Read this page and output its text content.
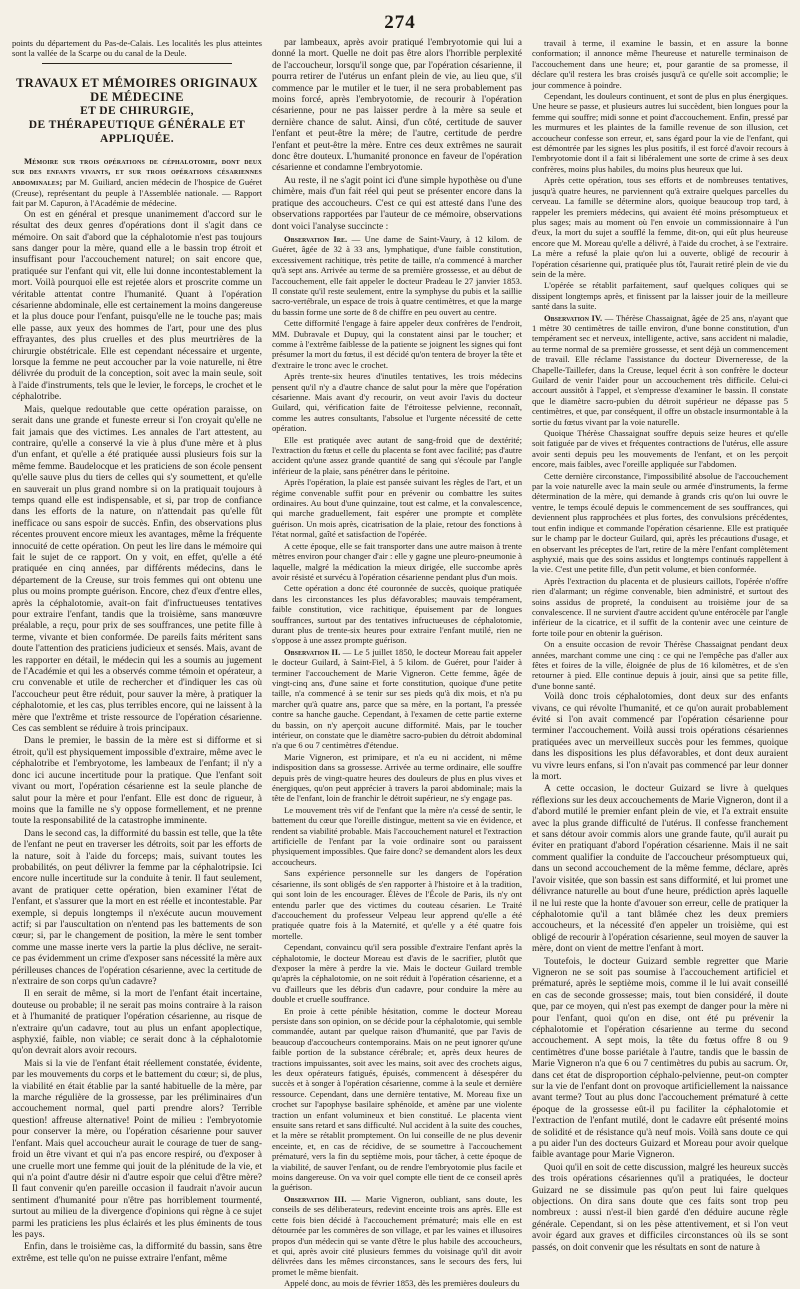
274

points du département du Pas-de-Calais. Les localités les plus atteintes sont la vallée de la Scarpe ou du canal de la Deule.

TRAVAUX ET MÉMOIRES ORIGINAUX DE MÉDECINE
ET DE CHIRURGIE,
DE THÉRAPEUTIQUE GÉNÉRALE ET APPLIQUÉE.

Mémoire sur trois opérations de céphalotomie, dont deux sur des enfants vivants, et sur trois opérations césariennes abdominales; par M. Guiliard, ancien médecin de l'hospice de Guéret (Creuse), représentant du peuple à l'Assemblée nationale. — Rapport fait par M. Capuron, à l'Académie de médecine.

On est en général et presque unanimement d'accord sur le résultat des deux genres d'opérations dont il s'agit dans ce mémoire. On sait d'abord que la céphalotomie n'est pas toujours sans danger pour la mère, quand elle a le bassin trop étroit et insuffisant pour l'accouchement naturel; on sait encore que, pratiquée sur l'enfant qui vit, elle lui donne incontestablement la mort. Voilà pourquoi elle est rejetée alors et proscrite comme un véritable attentat contre l'humanité. Quant à l'opération césarienne abdominale, elle est certainement la moins dangereuse et la plus douce pour l'enfant, puisqu'elle ne le touche pas; mais elle passe, aux yeux des hommes de l'art, pour une des plus effrayantes, des plus cruelles et des plus meurtrières de la chirurgie obstétricale. Elle est cependant nécessaire et urgente, lorsque la femme ne peut accoucher par la voie naturelle, ni être délivrée du produit de la conception, soit avec la main seule, soit à l'aide d'instruments, tels que le levier, le forceps, le crochet et le céphalotribe.

Mais, quelque redoutable que cette opération paraisse, on serait dans une grande et funeste erreur si l'on croyait qu'elle ne fait jamais que des victimes. Les annales de l'art attestent, au contraire, qu'elle a conservé la vie à plus d'une mère et à plus d'un enfant, et qu'elle a été pratiquée aussi plusieurs fois sur la même femme. Baudelocque et les praticiens de son école pensent qu'elle sauve plus du tiers de celles qui s'y soumettent, et qu'elle en sauverait un plus grand nombre si on la pratiquait toujours à temps quand elle est indispensable, et si, par trop de confiance dans les efforts de la nature, on n'attendait pas qu'elle fût inefficace ou sans espoir de succès. Enfin, des observations plus récentes prouvent encore mieux les avantages, même la fréquente innocuité de cette opération. On peut les lire dans le mémoire qui fait le sujet de ce rapport. On y voit, en effet, qu'elle a été pratiquée en cinq années, par différents médecins, dans le département de la Creuse, sur trois femmes qui ont obtenu une plus ou moins prompte guérison. Encore, chez d'eux d'entre elles, après la céphalotomie, avait-on fait d'infructueuses tentatives pour extraire l'enfant, tandis que la troisième, sans manœuvre préalable, a reçu, pour prix de ses souffrances, une petite fille à terme, vivante et bien conformée. De pareils faits méritent sans doute l'attention des praticiens judicieux et sensés. Mais, avant de les rapporter en détail, le médecin qui les a soumis au jugement de l'Académie et qui les a observés comme témoin et opérateur, a cru convenable et utile de rechercher et d'indiquer les cas où l'accoucheur peut être réduit, pour sauver la mère, à pratiquer la céphalotomie, et les cas, plus terribles encore, qui ne laissent à la mère que l'extrême et triste ressource de l'opération césarienne. Ces cas semblent se réduire à trois principaux.

Dans le premier, le bassin de la mère est si difforme et si étroit, qu'il est physiquement impossible d'extraire, même avec le céphalotribe et l'embryotome, les lambeaux de l'enfant; il n'y a donc ici aucune incertitude pour la pratique. Que l'enfant soit vivant ou mort, l'opération césarienne est la seule planche de salut pour la mère et pour l'enfant. Elle est donc de rigueur, à moins que la famille ne s'y oppose formellement, et ne prenne toute la responsabilité de la catastrophe imminente.

Dans le second cas, la difformité du bassin est telle, que la tête de l'enfant ne peut en traverser les détroits, soit par les efforts de la nature, soit à l'aide du forceps; mais, suivant toutes les probabilités, on peut délivrer la femme par la céphalotripsie. Ici encore nulle incertitude sur la conduite à tenir. Il faut seulement, avant de pratiquer cette opération, bien examiner l'état de l'enfant, et s'assurer que la mort en est réelle et incontestable. Par exemple, si depuis longtemps il n'exécute aucun mouvement actif; si par l'auscultation on n'entend pas les battements de son cœur; si, par le changement de position, la mère le sent tomber comme une masse inerte vers la partie la plus déclive, ne serait-ce pas évidemment un crime d'exposer sans nécessité la mère aux périlleuses chances de l'opération césarienne, avec la certitude de n'extraire de son corps qu'un cadavre?

Il en serait de même, si la mort de l'enfant était incertaine, douteuse ou probable; il ne serait pas moins contraire à la raison et à l'humanité de pratiquer l'opération césarienne, au risque de n'extraire qu'un cadavre, tout au plus un enfant apoplectique, asphyxié, faible, non viable; ce serait donc à la céphalotomie qu'on devrait alors avoir recours.

Mais si la vie de l'enfant était réellement constatée, évidente, par les mouvements du corps et le battement du cœur; si, de plus, la viabilité en était établie par la santé habituelle de la mère, par la marche régulière de la grossesse, par les préliminaires d'un accouchement normal, quel parti prendre alors? Terrible question! affreuse alternative! Point de milieu : l'embryotomie pour conserver la mère, ou l'opération césarienne pour sauver l'enfant. Mais quel accoucheur aurait le courage de tuer de sang-froid un être vivant et qui n'a pas encore respiré, ou d'exposer à une cruelle mort une femme qui jouit de la plénitude de la vie, et qui n'a point d'autre désir ni d'autre espoir que celui d'être mère? Il faut convenir qu'en pareille occasion il faudrait n'avoir aucun sentiment d'humanité pour n'être pas horriblement tourmenté, surtout au milieu de la divergence d'opinions qui règne à ce sujet parmi les praticiens les plus éclairés et les plus éminents de tous les pays.

Enfin, dans le troisième cas, la difformité du bassin, sans être extrême, est telle qu'on ne puisse extraire l'enfant, même

par lambeaux, après avoir pratiqué l'embryotomie qui lui a donné la mort. Quelle ne doit pas être alors l'horrible perplexité de l'accoucheur, lorsqu'il songe que, par l'opération césarienne, il pourra retirer de l'utérus un enfant plein de vie, au lieu que, s'il commence par le mutiler et le tuer, il ne sera probablement pas moins forcé, après l'embryotomie, de recourir à l'opération césarienne, pour ne pas laisser perdre à la mère sa seule et dernière chance de salut. Ainsi, d'un côté, certitude de sauver l'enfant et peut-être la mère; de l'autre, certitude de perdre l'enfant et peut-être la mère. Entre ces deux extrêmes ne saurait donc être douteux. L'humanité prononce en faveur de l'opération césarienne et condamne l'embryotomie.

Au reste, il ne s'agit point ici d'une simple hypothèse ou d'une chimère, mais d'un fait réel qui peut se présenter encore dans la pratique des accoucheurs. C'est ce qui est attesté dans l'une des observations rapportées par l'auteur de ce mémoire, observations dont voici l'analyse succincte :

Observation Ire. — Une dame de Saint-Vaury, à 12 kilom. de Guéret, âgée de 32 à 33 ans, lymphatique, d'une faible constitution, excessivement rachitique, très petite de taille, n'a commencé à marcher qu'à sept ans. Arrivée au terme de sa première grossesse, et au début de l'accouchement, elle fait appeler le docteur Pradeau le 27 janvier 1853. Il constate qu'il reste seulement, entre la symphyse du pubis et la saillie sacro-vertébrale, un espace de trois à quatre centimètres, et que la marge du bassin forme une sorte de 8 de chiffre en peu ouvert au centre.

Cette difformité l'engage à faire appeler deux confrères de l'endroit, MM. Dubravale et Dupuy, qui la constatent ainsi par le toucher; et comme à l'extrême faiblesse de la patiente se joignent les signes qui font présumer la mort du fœtus, il est décidé qu'on tentera de broyer la tête et d'extraire le tronc avec le crochet.

Après trente-six heures d'inutiles tentatives, les trois médecins pensent qu'il n'y a d'autre chance de salut pour la mère que l'opération césarienne. Mais avant d'y recourir, on veut avoir l'avis du docteur Guilard, qui, vérification faite de l'étroitesse pelvienne, reconnaît, comme les autres consultants, l'absolue et l'urgente nécessité de cette opération.

Elle est pratiquée avec autant de sang-froid que de dextérité; l'extraction du fœtus et celle du placenta se font avec facilité; pas d'autre accident qu'une assez grande quantité de sang qui s'écoule par l'angle inférieur de la plaie, sans pénétrer dans le péritoine.

Après l'opération, la plaie est pansée suivant les règles de l'art, et un régime convenable suffit pour en prévenir ou combattre les suites ordinaires. Au bout d'une quinzaine, tout est calme, et la convalescence, qui marche graduellement, fait espérer une prompte et complète guérison. Un mois après, cicatrisation de la plaie, retour des fonctions à l'état normal, gaîté et satisfaction de l'opérée.

A cette époque, elle se fait transporter dans une autre maison à trente mètres environ pour changer d'air : elle y gagne une pleuro-pneumonie à laquelle, malgré la médication la mieux dirigée, elle succombe après avoir résisté et survécu à l'opération césarienne pendant plus d'un mois.

Cette opération a donc été couronnée de succès, quoique pratiquée dans les circonstances les plus défavorables; mauvais tempérament, faible constitution, vice rachitique, épuisement par de longues souffrances, surtout par des tentatives infructueuses de céphalotomie, durant plus de trente-six heures pour extraire l'enfant mutilé, rien ne s'oppose à une assez prompte guérison.

Observation II. — Le 5 juillet 1850, le docteur Moreau fait appeler le docteur Guilard, à Saint-Fiel, à 5 kilom. de Guéret, pour l'aider à terminer l'accouchement de Marie Vigneron. Cette femme, âgée de vingt-cinq ans, d'une saine et forte constitution, quoique d'une petite taille, n'a commencé à se tenir sur ses pieds qu'à dix mois, et n'a pu marcher qu'à quatre ans, parce que sa mère, en la portant, l'a pressée contre sa hanche gauche. Cependant, à l'examen de cette partie externe du bassin, on n'y aperçoit aucune difformité. Mais, par le toucher intérieur, on constate que le diamètre sacro-pubien du détroit abdominal n'a que 6 ou 7 centimètres d'étendue.

Marie Vigneron, est primipare, et n'a eu ni accident, ni même indisposition dans sa grossesse. Arrivée au terme ordinaire, elle souffre depuis près de vingt-quatre heures des douleurs de plus en plus vives et énergiques, qu'on peut apprécier à travers la paroi abdominale; mais la tête de l'enfant, loin de franchir le détroit supérieur, ne s'y engage pas.

Le mouvement très vif de l'enfant que la mère n'a cessé de sentir, le battement du cœur que l'oreille distingue, mettent sa vie en évidence, et rendent sa viabilité probable. Mais l'accouchement naturel et l'extraction artificielle de l'enfant par la voie ordinaire sont ou paraissent physiquement impossibles. Que faire donc? se demandent alors les deux accoucheurs.

Sans expérience personnelle sur les dangers de l'opération césarienne, ils sont obligés de s'en rapporter à l'histoire et à la tradition, qui sont loin de les encourager. Élèves de l'École de Paris, ils n'y ont entendu parler que des victimes du couteau césarien. Le Traité d'accouchement du professeur Velpeau leur apprend qu'elle a été pratiquée quatre fois à la Maternité, et qu'elle y a été quatre fois mortelle.

Cependant, convaincu qu'il sera possible d'extraire l'enfant après la céphalotomie, le docteur Moreau est d'avis de le sacrifier, plutôt que d'exposer la mère à perdre la vie. Mais le docteur Guilard tremble qu'après la céphalotomie, on ne soit réduit à l'opération césarienne, et a vu d'ailleurs que les débris d'un cadavre, pour conduire la mère au double et cruelle souffrance.

En proie à cette pénible hésitation, comme le docteur Moreau persiste dans son opinion, on se décide pour la céphalotomie, qui semble commandée, autant par quelque raison d'humanité, que par l'avis de beaucoup d'accoucheurs contemporains. Mais on ne peut ignorer qu'une faible portion de la substance cérébrale; et, après deux heures de tractions impuissantes, soit avec les mains, soit avec des crochets aigus, les deux opérateurs fatigués, épuisés, commencent à désespérer du succès et à songer à l'opération césarienne, comme à la seule et dernière ressource. Cependant, dans une dernière tentative, M. Moreau fixe un crochet sur l'apophyse basilaire sphénoïde, et amène par une violente traction un enfant volumineux et bien constitué. Le placenta vient ensuite sans retard et sans difficulté. Nul accident à la suite des couches, et la mère se rétablit promptement. On lui conseille de ne plus devenir enceinte, et, en cas de récidive, de se soumettre à l'accouchement prématuré, vers la fin du septième mois, pour tâcher, à cette époque de la viabilité, de sauver l'enfant, ou de rendre l'embryotomie plus facile et moins dangereuse. On va voir quel compte elle tient de ce conseil après la guérison.

Observation III. — Marie Vigneron, oubliant, sans doute, les conseils de ses déliberateurs, redevint enceinte trois ans après. Elle est cette fois bien décidé à l'accouchement prématuré; mais elle en est détournée par les commères de son village, et par les vaines et illusoires propos d'un médecin qui se vante d'être le plus habile des accoucheurs, et qui, après avoir cité plusieurs femmes du voisinage qu'il dit avoir délivrées dans les mêmes circonstances, sans le secours des fers, lui promet le même bienfait.

Appelé donc, au mois de février 1853, dès les premières douleurs du

travail à terme, il examine le bassin, et en assure la bonne conformation; il annonce même l'heureuse et naturelle terminaison de l'accouchement dans une heure; et, pour garantie de sa promesse, il déclare qu'il restera les bras croisés jusqu'à ce qu'elle soit accomplie; le jour commence à poindre.

Cependant, les douleurs continuent, et sont de plus en plus énergiques. Une heure se passe, et plusieurs autres lui succèdent, bien longues pour la femme qui souffre; midi sonne et point d'accouchement. Enfin, pressé par les murmures et les plaintes de la famille revenue de son illusion, cet accoucheur confesse son erreur, et, sans égard pour la vie de l'enfant, qui est démontrée par les signes les plus positifs, il est forcé d'avoir recours à l'embryotomie dont il a fait si libéralement une sorte de crime à ses deux confrères, moins plus habiles, du moins plus heureux que lui.

Après cette opération, tous ses efforts et de nombreuses tentatives, jusqu'à quatre heures, ne parviennent qu'à extraire quelques parcelles du cerveau. La famille se détermine alors, quoique beaucoup trop tard, à rappeler les premiers médecins, qui avaient été moins présomptueux et plus sages; mais au moment où l'en envoie un commissionnaire à l'un d'eux, la mort du sujet a soufflé la femme, dit-on, qui eût plus heureuse encore que M. Moreau qu'elle a délivré, à l'aide du crochet, à se l'extraire. La mère a refusé la plaie qu'on lui a ouverte, obligé de recourir à l'opération césarienne qui, pratiquée plus tôt, l'aurait retiré plein de vie du sein de la mère.

L'opérée se rétablit parfaitement, sauf quelques coliques qui se dissipent longtemps après, et finissent par la laisser jouir de la meilleure santé dans la suite.

Observation IV. — Thérèse Chassaignat, âgée de 25 ans, n'ayant que 1 mètre 30 centimètres de taille environ, d'une bonne constitution, d'un tempérament sec et nerveux, intelligente, active, sans accident ni maladie, au terme normal de sa première grossesse, et sent déjà un commencement de travail. Elle réclame l'assistance du docteur Diverneresse, de la Chapelle-Taillefer, dans la Creuse, lequel écrit à son confrère le docteur Guilard de venir l'aider pour un accouchement très difficile. Celui-ci accourt aussitôt à l'appel, et s'empresse d'examiner le bassin. Il constate que le diamètre sacro-pubien du détroit supérieur ne dépasse pas 5 centimètres, et que, par conséquent, il offre un obstacle insurmontable à la sortie du fœtus vivant par la voie naturelle.

Quoique Thérèse Chassaignat souffre depuis seize heures et qu'elle soit fatiguée par de vives et fréquentes contractions de l'utérus, elle assure avoir senti depuis peu les mouvements de l'enfant, et on les perçoit encore, mais faibles, avec l'oreille appliquée sur l'abdomen.

Cette dernière circonstance, l'impossibilité absolue de l'accouchement par la voie naturelle avec la main seule ou armée d'instruments, la ferme détermination de la mère, qui demande à grands cris qu'on lui ouvre le ventre, le temps écoulé depuis le commencement de ses souffrances, qui deviennent plus rapprochées et plus fortes, des convulsions précédentes, tout enfin indique et commande l'opération césarienne. Elle est pratiquée sur le champ par le docteur Guilard, qui, après les précautions d'usage, et en observant les préceptes de l'art, retire de la mère l'enfant complètement asphyxié, mais que des soins assidus et longtemps continués rappellent à la vie. C'est une petite fille, d'un petit volume, et bien conformée.

Après l'extraction du placenta et de plusieurs caillots, l'opérée n'offre rien d'alarmant; un régime convenable, bien administré, et surtout des soins assidus de propreté, la conduisent au troisième jour de sa convalescence. Il ne survient d'autre accident qu'une entérocèle par l'angle inférieur de la cicatrice, et il suffit de la contenir avec une ceinture de forte toile pour en obtenir la guérison.

On a ensuite occasion de revoir Thérèse Chassaignat pendant deux années, marchant comme une cinq : ce qui ne l'empêche pas d'aller aux fêtes et foires de la ville, éloignée de plus de 16 kilomètres, et de s'en retourner à pied. Elle continue depuis à jouir, ainsi que sa petite fille, d'une bonne santé.

Voilà donc trois céphalotomies, dont deux sur des enfants vivans, ce qui révolte l'humanité, et ce qu'on aurait probablement évité si l'on avait commencé par l'opération césarienne pour terminer l'accouchement. Voilà aussi trois opérations césariennes pratiquées avec un merveilleux succès pour les femmes, quoique dans les dispositions les plus défavorables, et dont deux auraient vu vivre leurs enfans, si l'on n'avait pas commencé par leur donner la mort.

A cette occasion, le docteur Guizard se livre à quelques réflexions sur les deux accouchements de Marie Vigneron, dont il a d'abord mutilé le premier enfant plein de vie, et l'a extrait ensuite avec la plus grande difficulté de l'utérus. Il confesse franchement et sans détour avoir commis alors une grande faute, qu'il aurait pu éviter en pratiquant d'abord l'opération césarienne. Mais il ne sait comment qualifier la conduite de l'accoucheur présomptueux qui, dans un second accouchement de la même femme, déclare, après l'avoir visitée, que son bassin est sans difformité, et lui promet une délivrance naturelle au bout d'une heure, prédiction après laquelle il ne lui reste que la honte d'avouer son erreur, celle de pratiquer la céphalotomie qu'il a tant blâmée chez les deux premiers accoucheurs, et la nécessité d'en appeler un troisième, qui est obligé de recourir à l'opération césarienne, seul moyen de sauver la mère, dont on vient de mettre l'enfant à mort.

Toutefois, le docteur Guizard semble regretter que Marie Vigneron ne se soit pas soumise à l'accouchement artificiel et prématuré, après le septième mois, comme il le lui avait conseillé en cas de seconde grossesse; mais, tout bien considéré, il doute que, par ce moyen, qui n'est pas exempt de danger pour la mère ni pour l'enfant, quoi qu'on en dise, ont été pu prévenir la céphalotomie et l'opération césarienne au terme du second accouchement. A sept mois, la tête du fœtus offre 8 ou 9 centimètres d'une bosse pariétale à l'autre, tandis que le bassin de Marie Vigneron n'a que 6 ou 7 centimètres du pubis au sacrum. Or, dans cet état de disproportion céphalo-pelvienne, peut-on compter sur la vie de l'enfant dont on provoque artificiellement la naissance avant terme? Tout au plus donc l'accouchement prématuré à cette époque de la grossesse eût-il pu faciliter la céphalotomie et l'extraction de l'enfant mutilé, dont le cadavre eût présenté moins de solidité et de résistance qu'à neuf mois. Voilà sans doute ce qui a pu aider l'un des docteurs Guizard et Moreau pour avoir quelque faible avantage pour Marie Vigneron.

Quoi qu'il en soit de cette discussion, malgré les heureux succès des trois opérations césariennes qu'il a pratiquées, le docteur Guizard ne se dissimule pas qu'on peut lui faire quelques objections. On dira sans doute que ces faits sont trop peu nombreux : aussi n'est-il bien gardé d'en déduire aucune règle générale. Cependant, si on les pèse attentivement, et si l'on veut avoir égard aux graves et difficiles circonstances où ils se sont passés, on doit convenir que les résultats en sont de nature à
